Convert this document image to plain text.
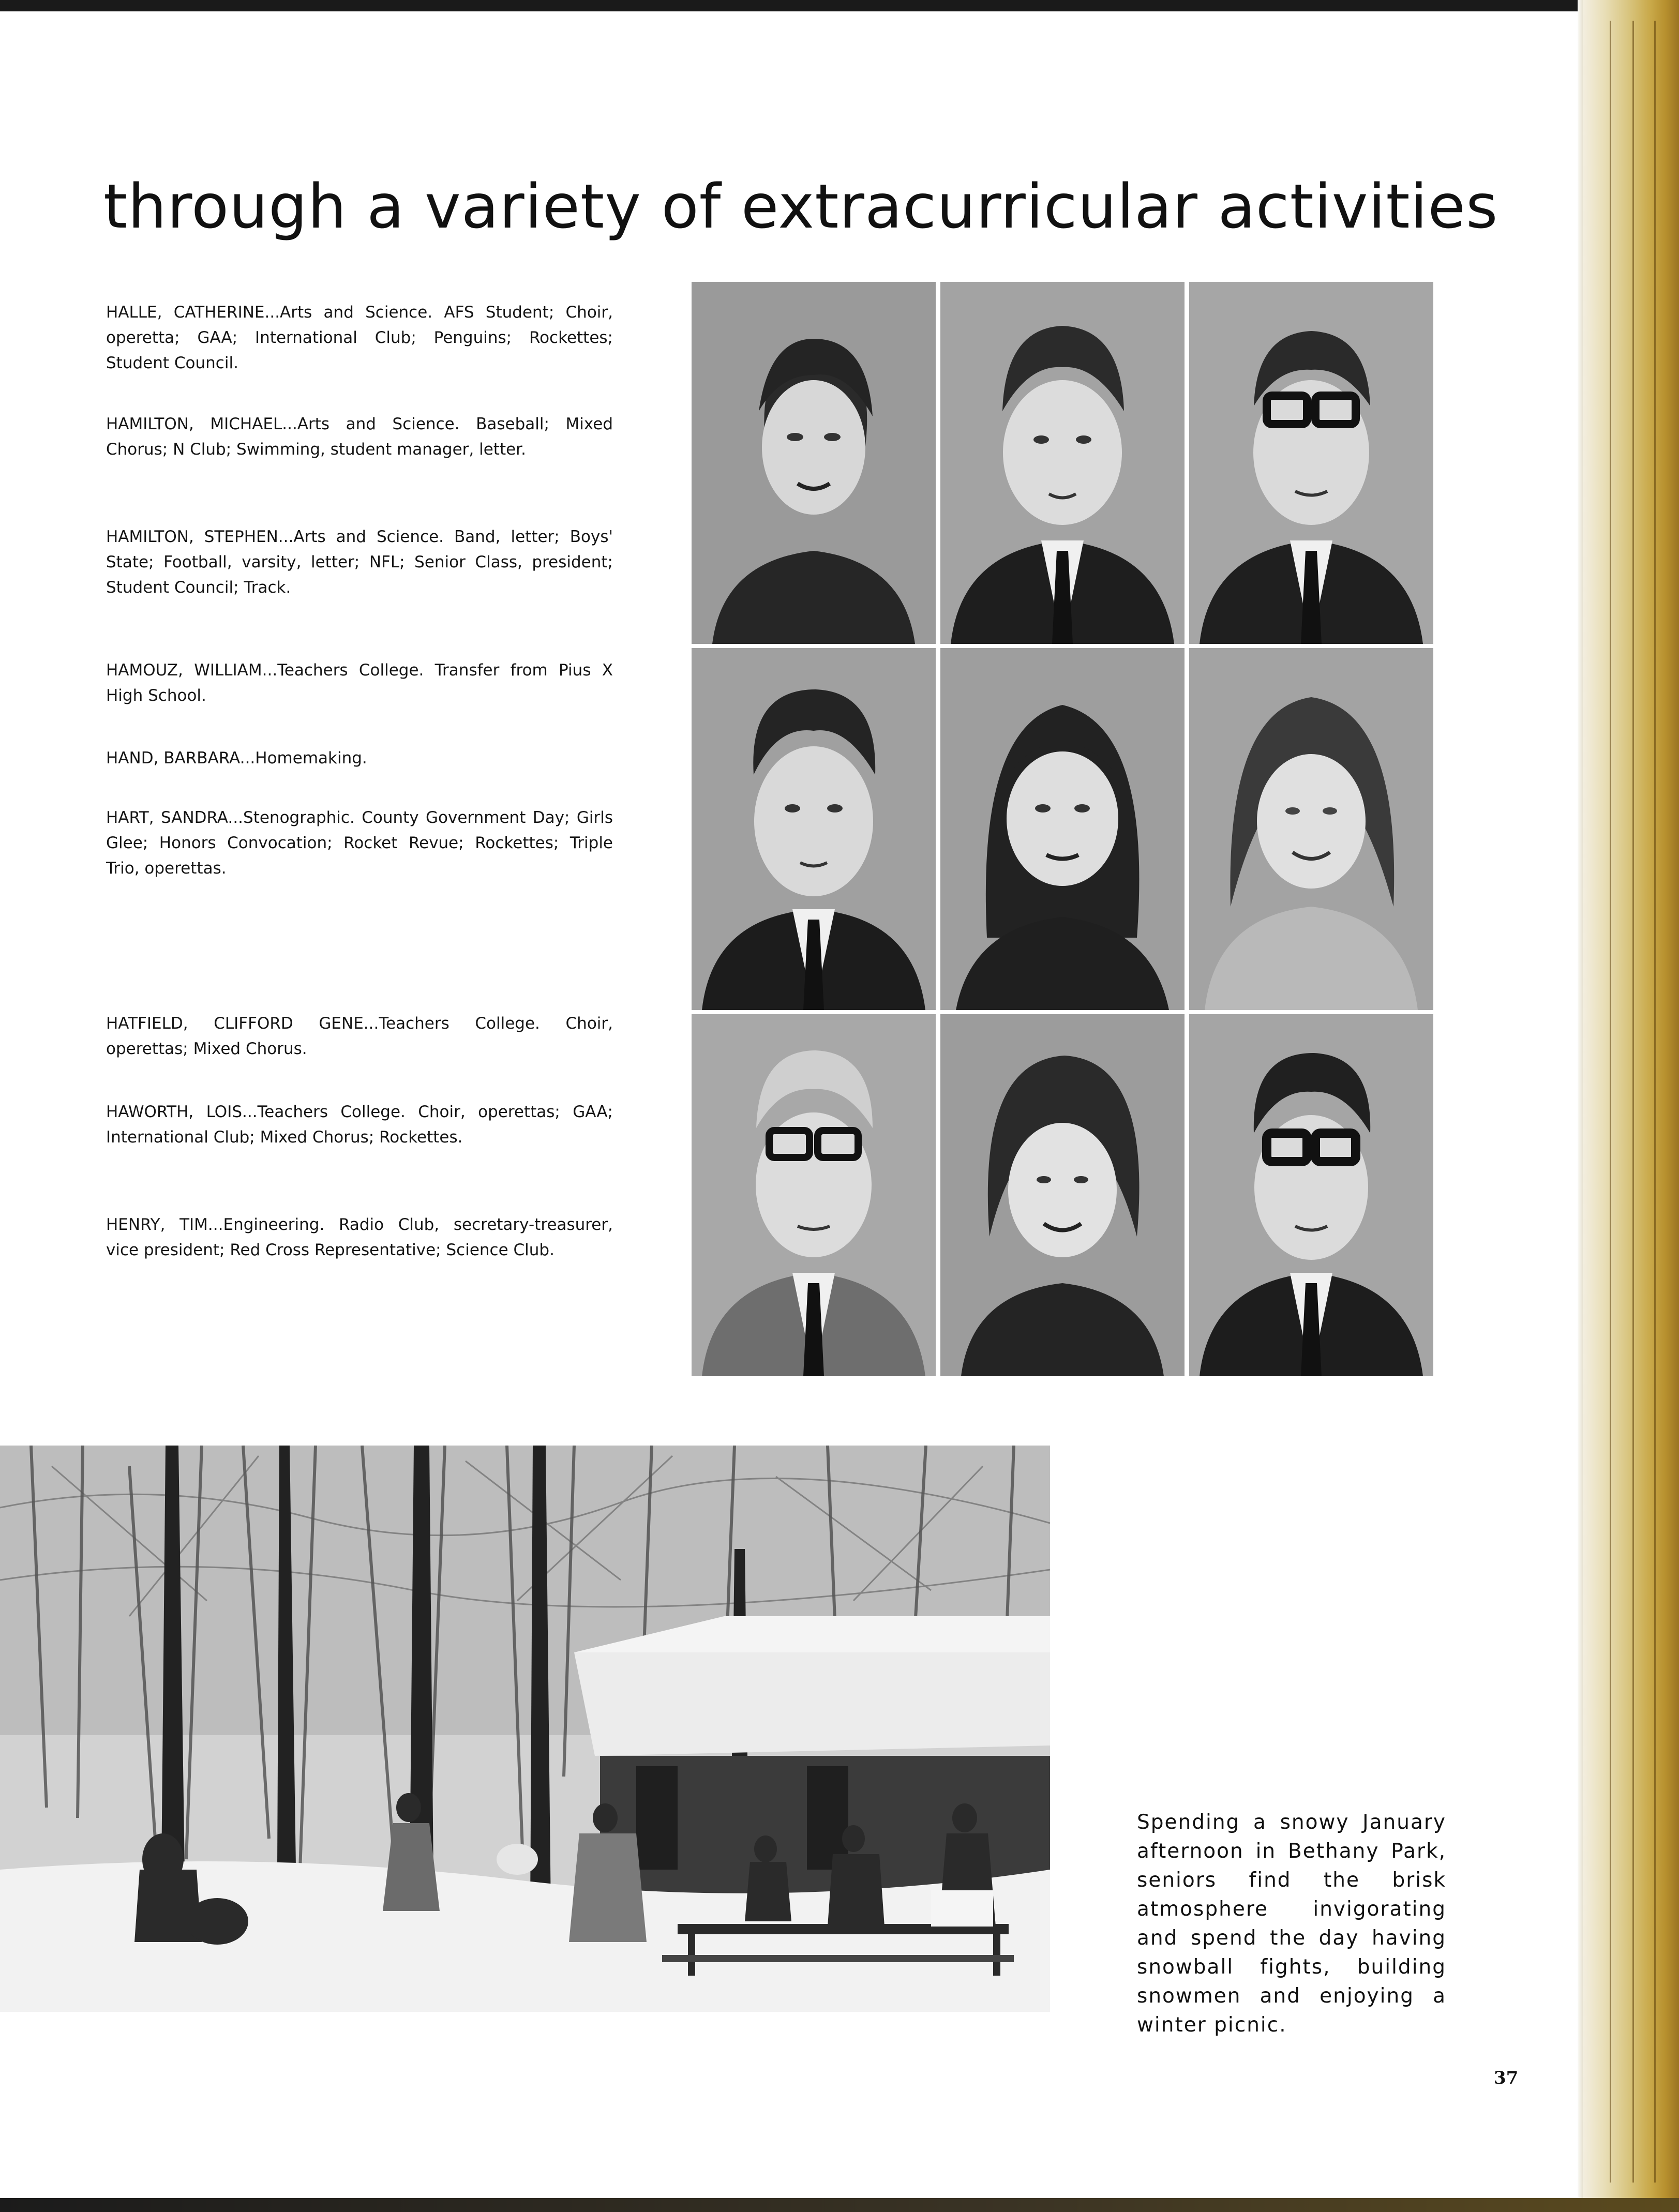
through a variety of extracurricular activities

HALLE, CATHERINE...Arts and Science. AFS Student; Choir, operetta; GAA; International Club; Penguins; Rockettes; Student Council.

HAMILTON, MICHAEL...Arts and Science. Baseball; Mixed Chorus; N Club; Swimming, student manager, letter.

HAMILTON, STEPHEN...Arts and Science. Band, letter; Boys' State; Football, varsity, letter; NFL; Senior Class, president; Student Council; Track.

HAMOUZ, WILLIAM...Teachers College. Transfer from Pius X High School.

HAND, BARBARA...Homemaking.

HART, SANDRA...Stenographic. County Government Day; Girls Glee; Honors Convocation; Rocket Revue; Rockettes; Triple Trio, operettas.

HATFIELD, CLIFFORD GENE...Teachers College. Choir, operettas; Mixed Chorus.

HAWORTH, LOIS...Teachers College. Choir, operettas; GAA; International Club; Mixed Chorus; Rockettes.

HENRY, TIM...Engineering. Radio Club, secretary-treasurer, vice president; Red Cross Representative; Science Club.

Spending a snowy January afternoon in Bethany Park, seniors find the brisk atmosphere invigorating and spend the day having snowball fights, building snowmen and enjoying a winter picnic.

37
